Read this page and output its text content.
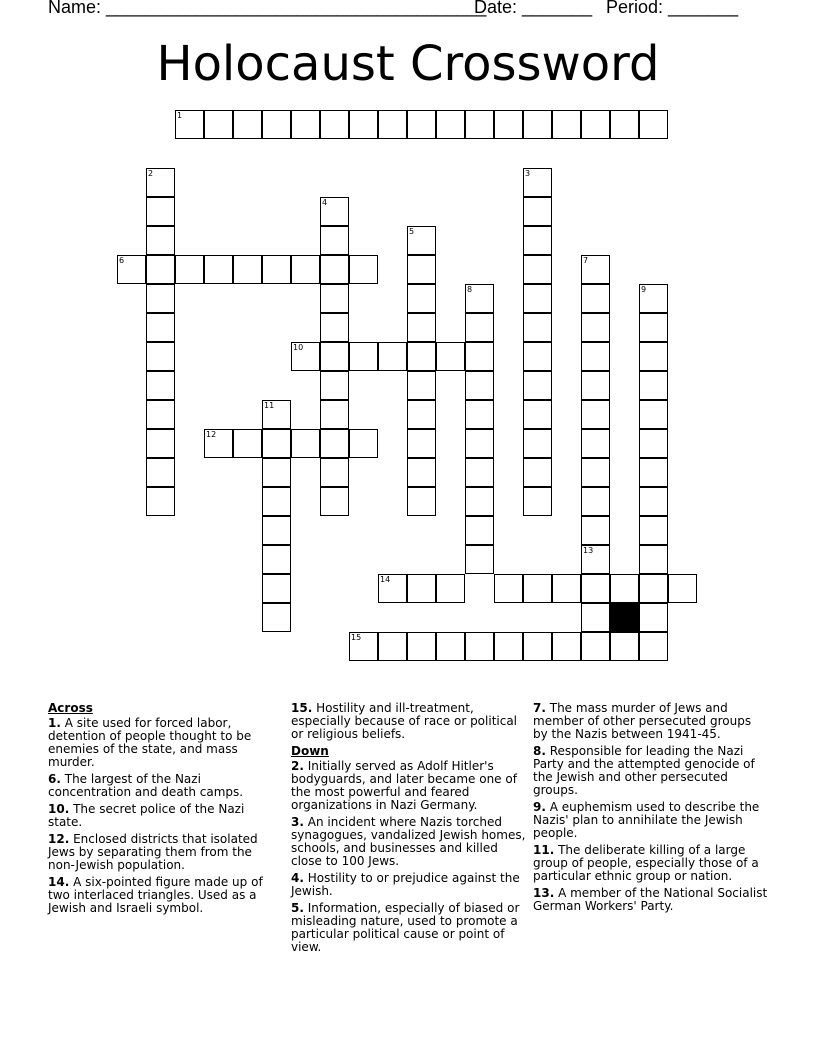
Name: ______________________________________
Date: _______ Period: _______
Holocaust Crossword
1
2	3
4
5
6	7
8	9
10
11
12
13
14
15
Across
1. A site used for forced labor, detention of people thought to be enemies of the state, and mass murder.
6. The largest of the Nazi concentration and death camps.
10. The secret police of the Nazi state.
12. Enclosed districts that isolated Jews by separating them from the non-Jewish population.
14. A six-pointed figure made up of two interlaced triangles. Used as a Jewish and Israeli symbol.
15. Hostility and ill-treatment, especially because of race or political or religious beliefs.
Down
2. Initially served as Adolf Hitler's bodyguards, and later became one of the most powerful and feared organizations in Nazi Germany.
3. An incident where Nazis torched synagogues, vandalized Jewish homes, schools, and businesses and killed close to 100 Jews.
4. Hostility to or prejudice against the Jewish.
5. Information, especially of biased or misleading nature, used to promote a particular political cause or point of view.
7. The mass murder of Jews and member of other persecuted groups by the Nazis between 1941-45.
8. Responsible for leading the Nazi Party and the attempted genocide of the Jewish and other persecuted groups.
9. A euphemism used to describe the Nazis' plan to annihilate the Jewish people.
11. The deliberate killing of a large group of people, especially those of a particular ethnic group or nation.
13. A member of the National Socialist German Workers' Party.
